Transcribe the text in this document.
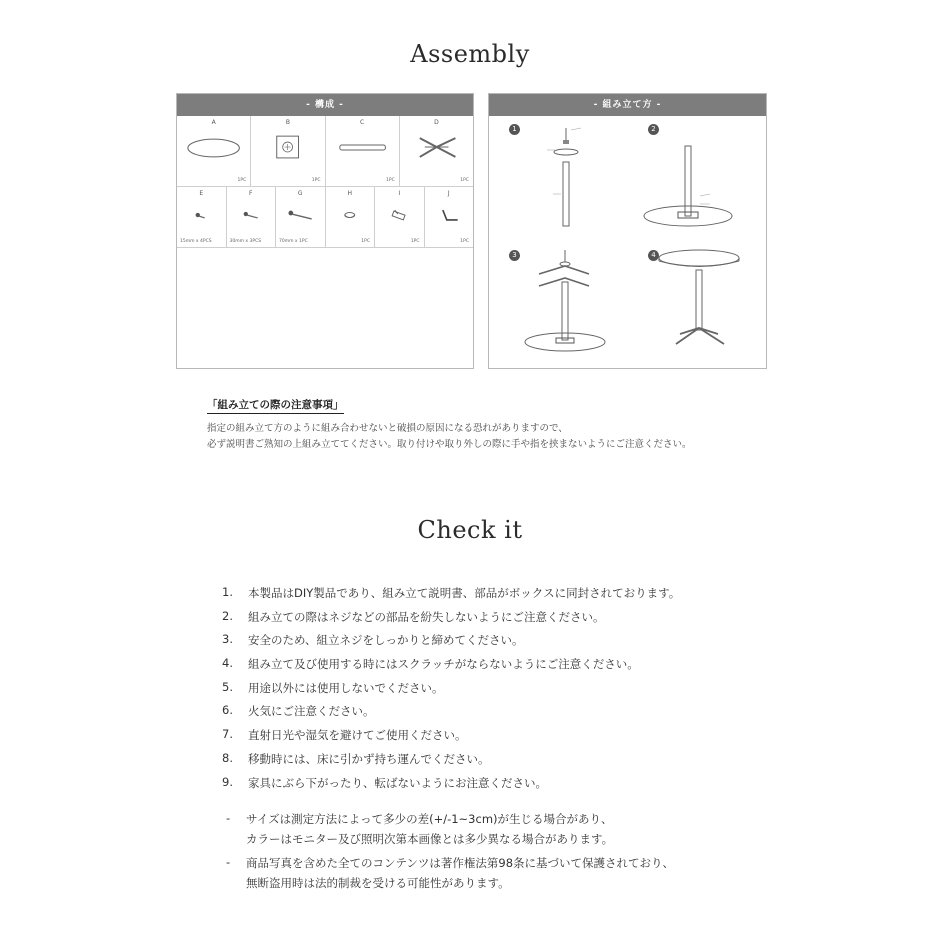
Assembly
- 構成 -
A
1PC
B
1PC
C
1PC
D
1PC
E
15mm x 4PCS
F
30mm x 3PCS
G
70mm x 1PC
H
1PC
I
1PC
J
1PC
- 組み立て方 -
1	2
3	4
「組み立ての際の注意事項」
指定の組み立て方のように組み合わせないと破損の原因になる恐れがありますので、
必ず説明書ご熟知の上組み立ててください。取り付けや取り外しの際に手や指を挟まないようにご注意ください。
Check it
1.	本製品はDIY製品であり、組み立て説明書、部品がボックスに同封されております。
2.	組み立ての際はネジなどの部品を紛失しないようにご注意ください。
3.	安全のため、組立ネジをしっかりと締めてください。
4.	組み立て及び使用する時にはスクラッチがならないようにご注意ください。
5.	用途以外には使用しないでください。
6.	火気にご注意ください。
7.	直射日光や湿気を避けてご使用ください。
8.	移動時には、床に引かず持ち運んでください。
9.	家具にぶら下がったり、転ばないようにお注意ください。
- サイズは測定方法によって多少の差(+/-1~3cm)が生じる場合があり、
カラーはモニター及び照明次第本画像とは多少異なる場合があります。
- 商品写真を含めた全てのコンテンツは著作権法第98条に基づいて保護されており、
無断盗用時は法的制裁を受ける可能性があります。
